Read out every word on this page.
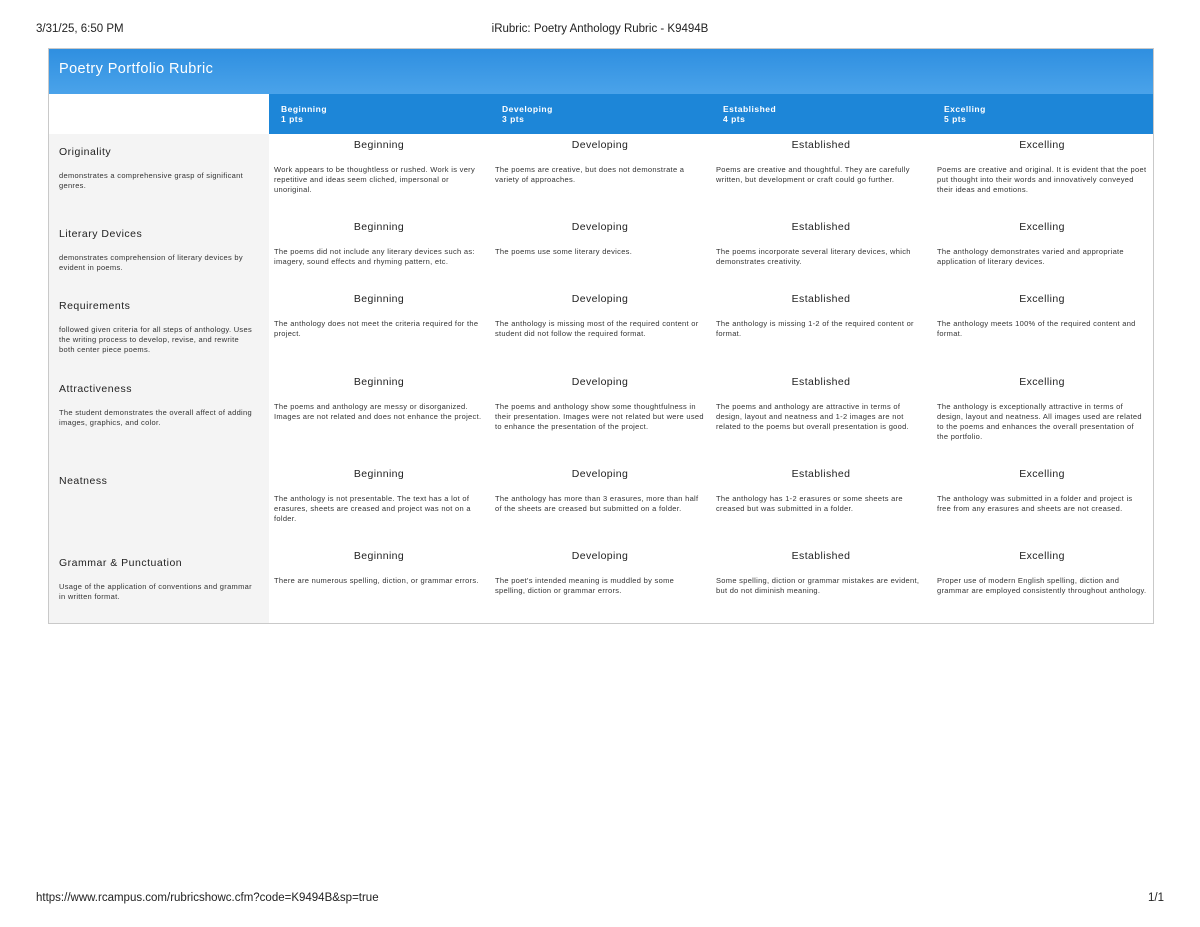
3/31/25, 6:50 PM	iRubric: Poetry Anthology Rubric - K9494B
Poetry Portfolio Rubric
Beginning
1 pts
Developing
3 pts
Established
4 pts
Excelling
5 pts
Originality
demonstrates a comprehensive grasp of significant genres.
Beginning
Work appears to be thoughtless or rushed. Work is very repetitive and ideas seem cliched, impersonal or unoriginal.
Developing
The poems are creative, but does not demonstrate a variety of approaches.
Established
Poems are creative and thoughtful. They are carefully written, but development or craft could go further.
Excelling
Poems are creative and original. It is evident that the poet put thought into their words and innovatively conveyed their ideas and emotions.
Literary Devices
demonstrates comprehension of literary devices by evident in poems.
Beginning
The poems did not include any literary devices such as: imagery, sound effects and rhyming pattern, etc.
Developing
The poems use some literary devices.
Established
The poems incorporate several literary devices, which demonstrates creativity.
Excelling
The anthology demonstrates varied and appropriate application of literary devices.
Requirements
followed given criteria for all steps of anthology. Uses the writing process to develop, revise, and rewrite both center piece poems.
Beginning
The anthology does not meet the criteria required for the project.
Developing
The anthology is missing most of the required content or student did not follow the required format.
Established
The anthology is missing 1-2 of the required content or format.
Excelling
The anthology meets 100% of the required content and format.
Attractiveness
The student demonstrates the overall affect of adding images, graphics, and color.
Beginning
The poems and anthology are messy or disorganized. Images are not related and does not enhance the project.
Developing
The poems and anthology show some thoughtfulness in their presentation. Images were not related but were used to enhance the presentation of the project.
Established
The poems and anthology are attractive in terms of design, layout and neatness and 1-2 images are not related to the poems but overall presentation is good.
Excelling
The anthology is exceptionally attractive in terms of design, layout and neatness. All images used are related to the poems and enhances the overall presentation of the portfolio.
Neatness
Beginning
The anthology is not presentable. The text has a lot of erasures, sheets are creased and project was not on a folder.
Developing
The anthology has more than 3 erasures, more than half of the sheets are creased but submitted on a folder.
Established
The anthology has 1-2 erasures or some sheets are creased but was submitted in a folder.
Excelling
The anthology was submitted in a folder and project is free from any erasures and sheets are not creased.
Grammar & Punctuation
Usage of the application of conventions and grammar in written format.
Beginning
There are numerous spelling, diction, or grammar errors.
Developing
The poet's intended meaning is muddled by some spelling, diction or grammar errors.
Established
Some spelling, diction or grammar mistakes are evident, but do not diminish meaning.
Excelling
Proper use of modern English spelling, diction and grammar are employed consistently throughout anthology.
https://www.rcampus.com/rubricshowc.cfm?code=K9494B&sp=true	1/1
